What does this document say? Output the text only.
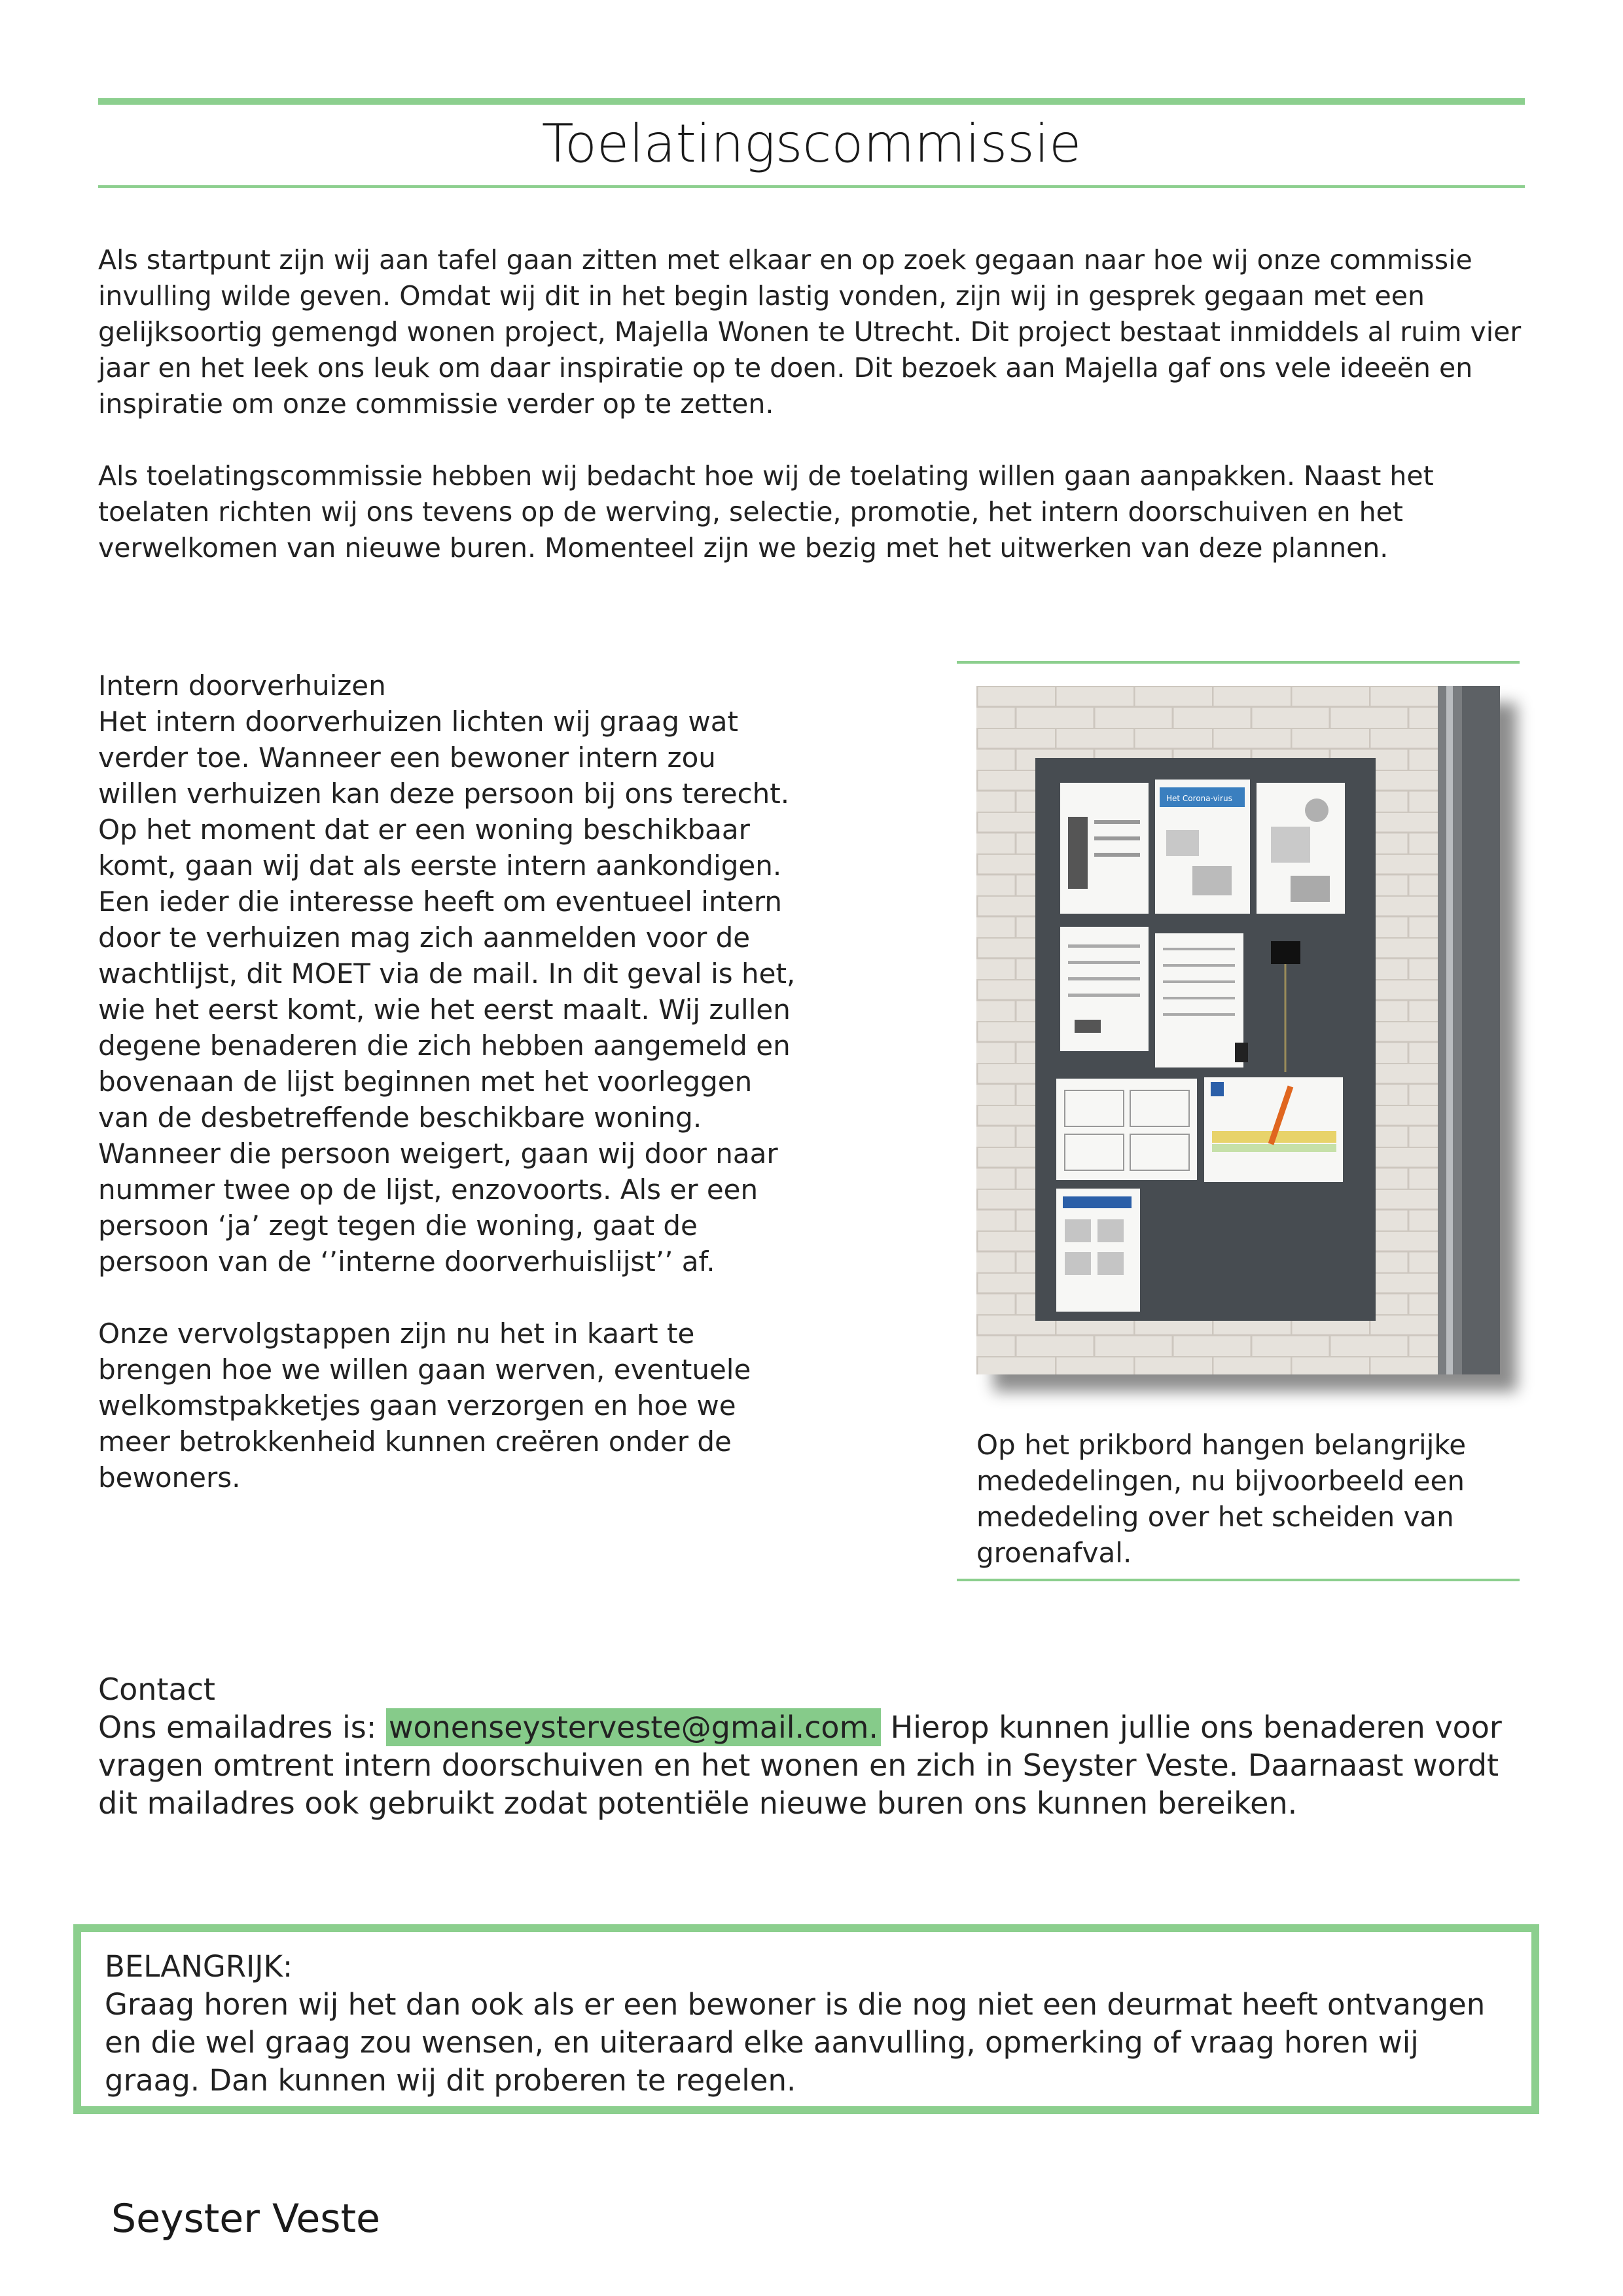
Toelatingscommissie

Als startpunt zijn wij aan tafel gaan zitten met elkaar en op zoek gegaan naar hoe wij onze commissie invulling wilde geven. Omdat wij dit in het begin lastig vonden, zijn wij in gesprek gegaan met een gelijksoortig gemengd wonen project, Majella Wonen te Utrecht. Dit project bestaat inmiddels al ruim vier jaar en het leek ons leuk om daar inspiratie op te doen. Dit bezoek aan Majella gaf ons vele ideeën en inspiratie om onze commissie verder op te zetten.

Als toelatingscommissie hebben wij bedacht hoe wij de toelating willen gaan aanpakken. Naast het toelaten richten wij ons tevens op de werving, selectie, promotie, het intern doorschuiven en het verwelkomen van nieuwe buren. Momenteel zijn we bezig met het uitwerken van deze plannen.

Intern doorverhuizen

Het intern doorverhuizen lichten wij graag wat verder toe. Wanneer een bewoner intern zou willen verhuizen kan deze persoon bij ons terecht. Op het moment dat er een woning beschikbaar komt, gaan wij dat als eerste intern aankondigen. Een ieder die interesse heeft om eventueel intern door te verhuizen mag zich aanmelden voor de wachtlijst, dit MOET via de mail. In dit geval is het, wie het eerst komt, wie het eerst maalt. Wij zullen degene benaderen die zich hebben aangemeld en bovenaan de lijst beginnen met het voorleggen van de desbetreffende beschikbare woning. Wanneer die persoon weigert, gaan wij door naar nummer twee op de lijst, enzovoorts. Als er een persoon ‘ja’ zegt tegen die woning, gaat de persoon van de ‘’interne doorverhuislijst’’ af.

Onze vervolgstappen zijn nu het in kaart te brengen hoe we willen gaan werven, eventuele welkomstpakketjes gaan verzorgen en hoe we meer betrokkenheid kunnen creëren onder de bewoners.

Het Corona-virus

Op het prikbord hangen belangrijke mededelingen, nu bijvoorbeeld een mededeling over het scheiden van groenafval.

Contact

Ons emailadres is: wonenseysterveste@gmail.com. Hierop kunnen jullie ons benaderen voor vragen omtrent intern doorschuiven en het wonen en zich in Seyster Veste. Daarnaast wordt dit mailadres ook gebruikt zodat potentiële nieuwe buren ons kunnen bereiken.

BELANGRIJK:

Graag horen wij het dan ook als er een bewoner is die nog niet een deurmat heeft ontvangen en die wel graag zou wensen, en uiteraard elke aanvulling, opmerking of vraag horen wij graag. Dan kunnen wij dit proberen te regelen.

Seyster Veste
